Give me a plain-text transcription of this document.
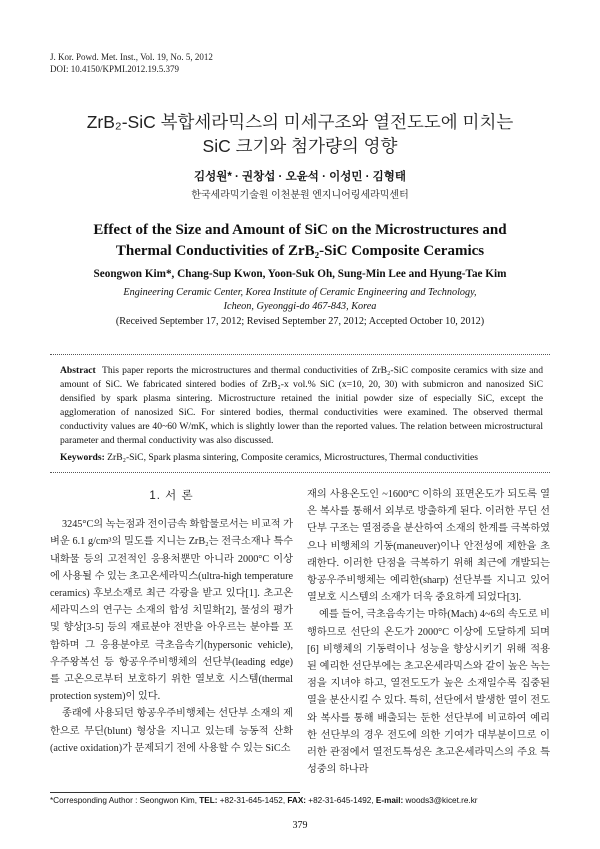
J. Kor. Powd. Met. Inst., Vol. 19, No. 5, 2012
DOI: 10.4150/KPMI.2012.19.5.379
ZrB₂-SiC 복합세라믹스의 미세구조와 열전도도에 미치는
SiC 크기와 첨가량의 영향
김성원* · 권창섭 · 오윤석 · 이성민 · 김형태
한국세라믹기술원 이천분원 엔지니어링세라믹센터
Effect of the Size and Amount of SiC on the Microstructures and
Thermal Conductivities of ZrB₂-SiC Composite Ceramics
Seongwon Kim*, Chang-Sup Kwon, Yoon-Suk Oh, Sung-Min Lee and Hyung-Tae Kim
Engineering Ceramic Center, Korea Institute of Ceramic Engineering and Technology,
Icheon, Gyeonggi-do 467-843, Korea
(Received September 17, 2012; Revised September 27, 2012; Accepted October 10, 2012)
Abstract This paper reports the microstructures and thermal conductivities of ZrB₂-SiC composite ceramics with size and amount of SiC. We fabricated sintered bodies of ZrB₂-x vol.% SiC (x=10, 20, 30) with submicron and nanosized SiC densified by spark plasma sintering. Microstructure retained the initial powder size of especially SiC, except the agglomeration of nanosized SiC. For sintered bodies, thermal conductivities were examined. The observed thermal conductivity values are 40~60 W/mK, which is slightly lower than the reported values. The relation between microstructural parameter and thermal conductivity was also discussed.
Keywords: ZrB₂-SiC, Spark plasma sintering, Composite ceramics, Microstructures, Thermal conductivities
1. 서 론

3245°C의 녹는점과 전이금속 화합물로서는 비교적 가벼운 6.1 g/cm³의 밀도를 지니는 ZrB₂는 전극소재나 특수내화물 등의 고전적인 응용처뿐만 아니라 2000°C 이상에 사용될 수 있는 초고온세라믹스(ultra-high temperature ceramics) 후보소재로 최근 각광을 받고 있다[1]. 초고온세라믹스의 연구는 소재의 합성 치밀화[2], 물성의 평가 및 향상[3-5] 등의 재료분야 전반을 아우르는 분야를 포함하며 그 응용분야로 극초음속기(hypersonic vehicle), 우주왕복선 등 항공우주비행체의 선단부(leading edge)를 고온으로부터 보호하기 위한 열보호 시스템(thermal protection system)이 있다.

종래에 사용되던 항공우주비행체는 선단부 소재의 제한으로 무딘(blunt) 형상을 지니고 있는데 능동적 산화(active oxidation)가 문제되기 전에 사용할 수 있는 SiC소

재의 사용온도인 ~1600°C 이하의 표면온도가 되도록 열은 복사를 통해서 외부로 방출하게 된다. 이러한 무딘 선단부 구조는 열점증을 분산하여 소재의 한계를 극복하였으나 비행체의 기동(maneuver)이나 안전성에 제한을 초래한다. 이러한 단점을 극복하기 위해 최근에 개발되는 항공우주비행체는 예리한(sharp) 선단부를 지니고 있어 열보호 시스템의 소재가 더욱 중요하게 되었다[3].

예를 들어, 극초음속기는 마하(Mach) 4~6의 속도로 비행하므로 선단의 온도가 2000°C 이상에 도달하게 되며[6] 비행체의 기동력이나 성능을 향상시키기 위해 적용된 예리한 선단부에는 초고온세라믹스와 같이 높은 녹는점을 지녀야 하고, 열전도도가 높은 소재일수록 집중된 열을 분산시킬 수 있다. 특히, 선단에서 발생한 열이 전도와 복사를 통해 배출되는 둔한 선단부에 비교하여 예리한 선단부의 경우 전도에 의한 기여가 대부분이므로 이러한 관점에서 열전도특성은 초고온세라믹스의 주요 특성중의 하나라

*Corresponding Author : Seongwon Kim, TEL: +82-31-645-1452, FAX: +82-31-645-1492, E-mail: woods3@kicet.re.kr
379
